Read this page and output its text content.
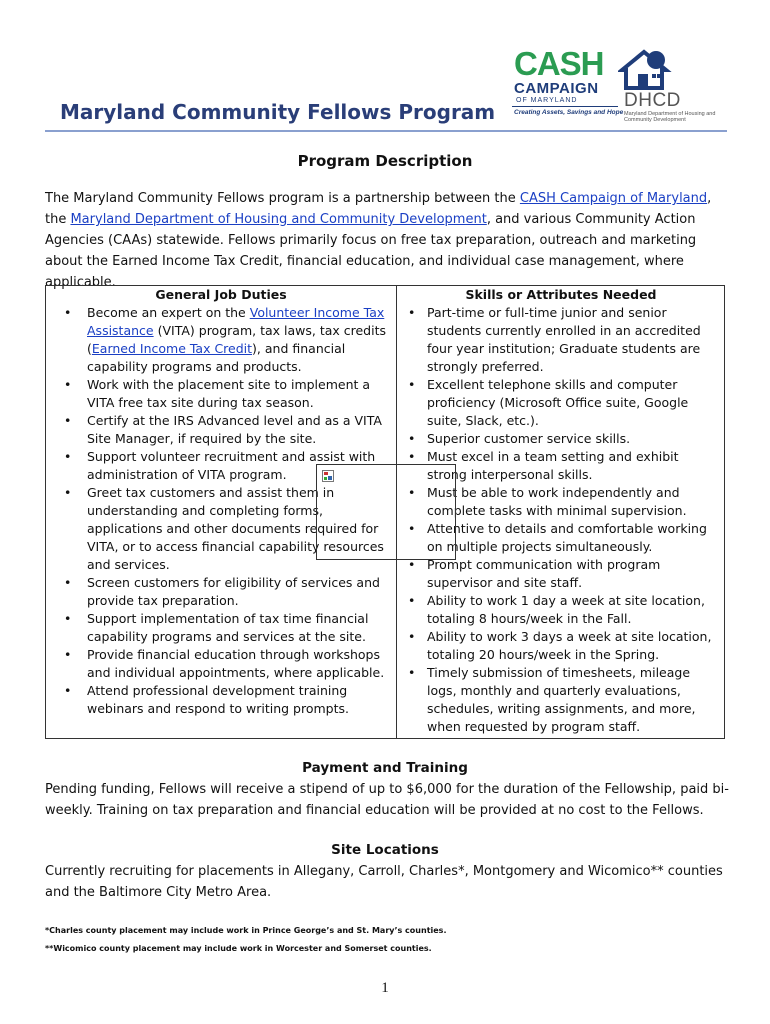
Maryland Community Fellows Program
CASH
CAMPAIGN
OF MARYLAND
Creating Assets, Savings and Hope
DHCD
Maryland Department of Housing and Community Development
Program Description
The Maryland Community Fellows program is a partnership between the CASH Campaign of Maryland, the Maryland Department of Housing and Community Development, and various Community Action Agencies (CAAs) statewide. Fellows primarily focus on free tax preparation, outreach and marketing about the Earned Income Tax Credit, financial education, and individual case management, where applicable.
General Job Duties
• Become an expert on the Volunteer Income Tax Assistance (VITA) program, tax laws, tax credits (Earned Income Tax Credit), and financial capability programs and products.
• Work with the placement site to implement a VITA free tax site during tax season.
• Certify at the IRS Advanced level and as a VITA Site Manager, if required by the site.
• Support volunteer recruitment and assist with administration of VITA program.
• Greet tax customers and assist them in understanding and completing forms, applications and other documents required for VITA, or to access financial capability resources and services.
• Screen customers for eligibility of services and provide tax preparation.
• Support implementation of tax time financial capability programs and services at the site.
• Provide financial education through workshops and individual appointments, where applicable.
• Attend professional development training webinars and respond to writing prompts.
Skills or Attributes Needed
• Part-time or full-time junior and senior students currently enrolled in an accredited four year institution; Graduate students are strongly preferred.
• Excellent telephone skills and computer proficiency (Microsoft Office suite, Google suite, Slack, etc.).
• Superior customer service skills.
• Must excel in a team setting and exhibit strong interpersonal skills.
• Must be able to work independently and complete tasks with minimal supervision.
• Attentive to details and comfortable working on multiple projects simultaneously.
• Prompt communication with program supervisor and site staff.
• Ability to work 1 day a week at site location, totaling 8 hours/week in the Fall.
• Ability to work 3 days a week at site location, totaling 20 hours/week in the Spring.
• Timely submission of timesheets, mileage logs, monthly and quarterly evaluations, schedules, writing assignments, and more, when requested by program staff.
Payment and Training
Pending funding, Fellows will receive a stipend of up to $6,000 for the duration of the Fellowship, paid bi-weekly. Training on tax preparation and financial education will be provided at no cost to the Fellows.
Site Locations
Currently recruiting for placements in Allegany, Carroll, Charles*, Montgomery and Wicomico** counties and the Baltimore City Metro Area.
*Charles county placement may include work in Prince George’s and St. Mary’s counties.
**Wicomico county placement may include work in Worcester and Somerset counties.
1
